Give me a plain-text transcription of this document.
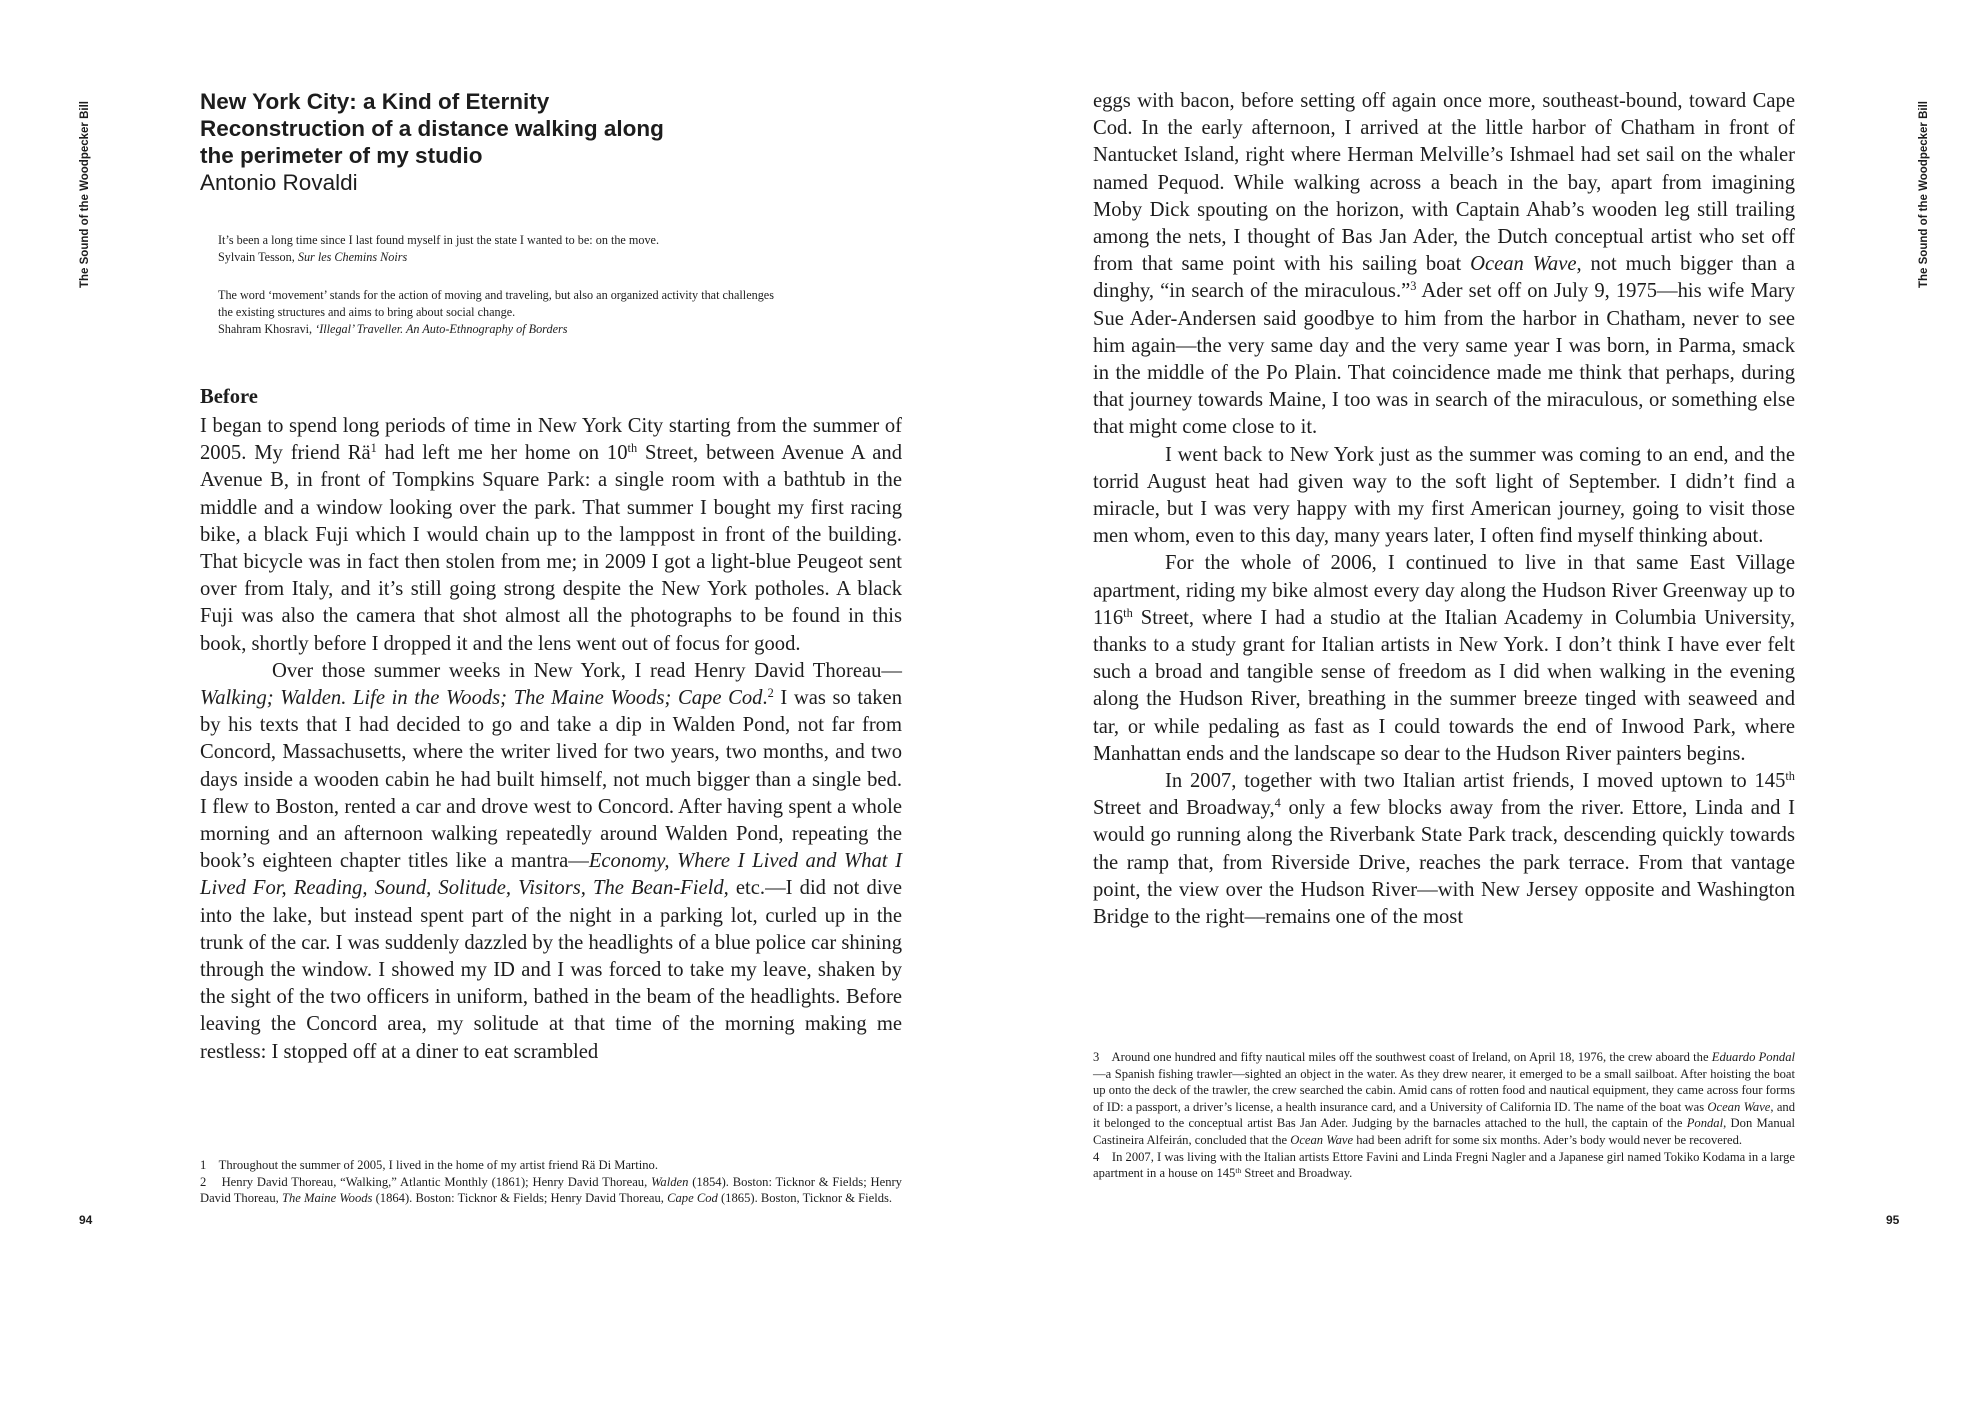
The Sound of the Woodpecker Bill	New York City: a Kind of Eternity
Reconstruction of a distance walking along
the perimeter of my studio
Antonio Rovaldi
It’s been a long time since I last found myself in just the state I wanted to be: on the move.
Sylvain Tesson, Sur les Chemins Noirs
The word ‘movement’ stands for the action of moving and traveling, but also an organized activity that challenges
the existing structures and aims to bring about social change.
Shahram Khosravi, ‘Illegal’ Traveller. An Auto-Ethnography of Borders
Before

I began to spend long periods of time in New York City starting from the summer of 2005. My friend $Rä^1$ had left me her home on 10th Street, between Avenue A and Avenue B, in front of Tompkins Square Park: a single room with a bathtub in the middle and a window looking over the park. That summer I bought my first racing bike, a black Fuji which I would chain up to the lamppost in front of the building. That bicycle was in fact then stolen from me; in 2009 I got a light-blue Peugeot sent over from Italy, and it’s still going strong despite the New York potholes. A black Fuji was also the camera that shot almost all the photographs to be found in this book, shortly before I dropped it and the lens went out of focus for good.

Over those summer weeks in New York, I read Henry David Thoreau—Walking; Walden. Life in the Woods; The Maine Woods; Cape Cod.$^2$ I was so taken by his texts that I had decided to go and take a dip in Walden Pond, not far from Concord, Massachusetts, where the writer lived for two years, two months, and two days inside a wooden cabin he had built himself, not much bigger than a single bed. I flew to Boston, rented a car and drove west to Concord. After having spent a whole morning and an afternoon walking repeatedly around Walden Pond, repeating the book’s eighteen chapter titles like a mantra—Economy, Where I Lived and What I Lived For, Reading, Sound, Solitude, Visitors, The Bean-Field, etc.—I did not dive into the lake, but instead spent part of the night in a parking lot, curled up in the trunk of the car. I was suddenly dazzled by the headlights of a blue police car shining through the window. I showed my ID and I was forced to take my leave, shaken by the sight of the two officers in uniform, bathed in the beam of the headlights. Before leaving the Concord area, my solitude at that time of the morning making me restless: I stopped off at a diner to eat scrambled

1    Throughout the summer of 2005, I lived in the home of my artist friend Rä Di Martino.

2    Henry David Thoreau, “Walking,” Atlantic Monthly (1861); Henry David Thoreau, Walden (1854). Boston: Ticknor & Fields; Henry David Thoreau, The Maine Woods (1864). Boston: Ticknor & Fields; Henry David Thoreau, Cape Cod (1865). Boston, Ticknor & Fields.

94
The Sound of the Woodpecker Bill

eggs with bacon, before setting off again once more, southeast-bound, toward Cape Cod. In the early afternoon, I arrived at the little harbor of Chatham in front of Nantucket Island, right where Herman Melville’s Ishmael had set sail on the whaler named Pequod. While walking across a beach in the bay, apart from imagining Moby Dick spouting on the horizon, with Captain Ahab’s wooden leg still trailing among the nets, I thought of Bas Jan Ader, the Dutch conceptual artist who set off from that same point with his sailing boat Ocean Wave, not much bigger than a dinghy, “in search of the miraculous.”$^3$ Ader set off on July 9, 1975—his wife Mary Sue Ader-Andersen said goodbye to him from the harbor in Chatham, never to see him again—the very same day and the very same year I was born, in Parma, smack in the middle of the Po Plain. That coincidence made me think that perhaps, during that journey towards Maine, I too was in search of the miraculous, or something else that might come close to it.

I went back to New York just as the summer was coming to an end, and the torrid August heat had given way to the soft light of September. I didn’t find a miracle, but I was very happy with my first American journey, going to visit those men whom, even to this day, many years later, I often find myself thinking about.

For the whole of 2006, I continued to live in that same East Village apartment, riding my bike almost every day along the Hudson River Greenway up to 116th Street, where I had a studio at the Italian Academy in Columbia University, thanks to a study grant for Italian artists in New York. I don’t think I have ever felt such a broad and tangible sense of freedom as I did when walking in the evening along the Hudson River, breathing in the summer breeze tinged with seaweed and tar, or while pedaling as fast as I could towards the end of Inwood Park, where Manhattan ends and the landscape so dear to the Hudson River painters begins.

In 2007, together with two Italian artist friends, I moved uptown to 145th Street and Broadway,$^4$ only a few blocks away from the river. Ettore, Linda and I would go running along the Riverbank State Park track, descending quickly towards the ramp that, from Riverside Drive, reaches the park terrace. From that vantage point, the view over the Hudson River—with New Jersey opposite and Washington Bridge to the right—remains one of the most

3    Around one hundred and fifty nautical miles off the southwest coast of Ireland, on April 18, 1976, the crew aboard the Eduardo Pondal—a Spanish fishing trawler—sighted an object in the water. As they drew nearer, it emerged to be a small sailboat. After hoisting the boat up onto the deck of the trawler, the crew searched the cabin. Amid cans of rotten food and nautical equipment, they came across four forms of ID: a passport, a driver’s license, a health insurance card, and a University of California ID. The name of the boat was Ocean Wave, and it belonged to the conceptual artist Bas Jan Ader. Judging by the barnacles attached to the hull, the captain of the Pondal, Don Manual Castineira Alfeirán, concluded that the Ocean Wave had been adrift for some six months. Ader’s body would never be recovered.

4    In 2007, I was living with the Italian artists Ettore Favini and Linda Fregni Nagler and a Japanese girl named Tokiko Kodama in a large apartment in a house on 145th Street and Broadway.

95
